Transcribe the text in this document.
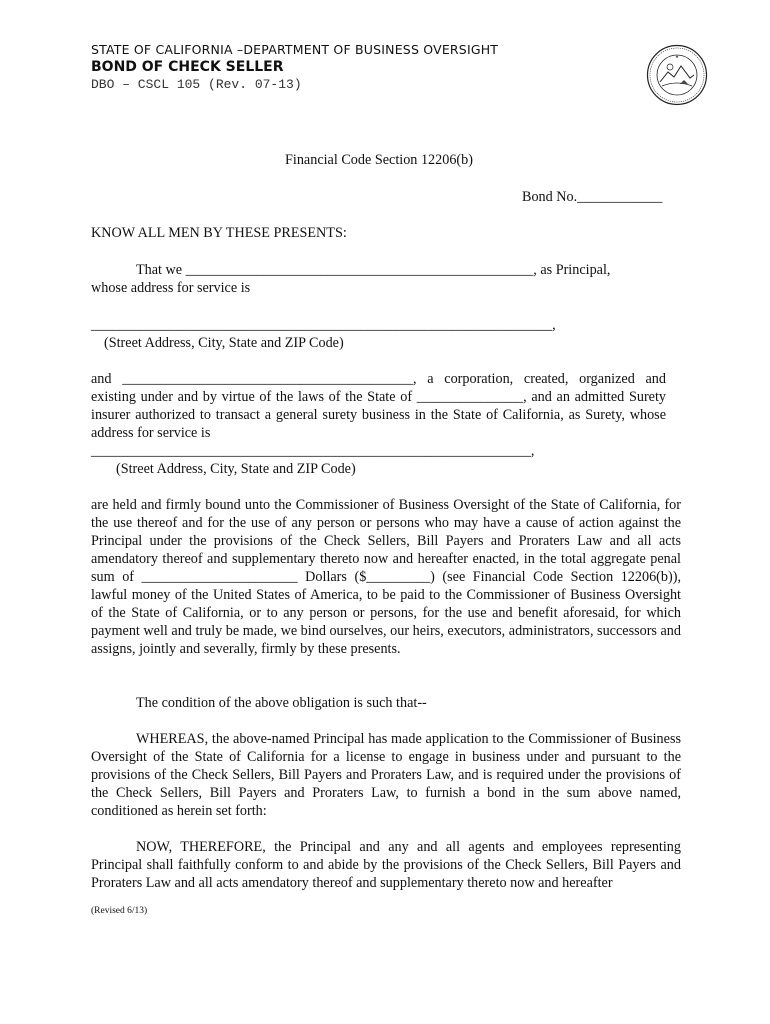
STATE OF CALIFORNIA –DEPARTMENT OF BUSINESS OVERSIGHT
BOND OF CHECK SELLER
DBO – CSCL 105 (Rev. 07-13)
★
Financial Code Section 12206(b)
Bond No.____________
KNOW ALL MEN BY THESE PRESENTS:
That we _________________________________________________, as Principal,
whose address for service is
_________________________________________________________________,
(Street Address, City, State and ZIP Code)

and _________________________________________, a corporation, created, organized and existing under and by virtue of the laws of the State of _______________, and an admitted Surety insurer authorized to transact a general surety business in the State of California, as Surety, whose address for service is

______________________________________________________________,
(Street Address, City, State and ZIP Code)

are held and firmly bound unto the Commissioner of Business Oversight of the State of California, for the use thereof and for the use of any person or persons who may have a cause of action against the Principal under the provisions of the Check Sellers, Bill Payers and Proraters Law and all acts amendatory thereof and supplementary thereto now and hereafter enacted, in the total aggregate penal sum of ______________________ Dollars ($_________) (see Financial Code Section 12206(b)), lawful money of the United States of America, to be paid to the Commissioner of Business Oversight of the State of California, or to any person or persons, for the use and benefit aforesaid, for which payment well and truly be made, we bind ourselves, our heirs, executors, administrators, successors and assigns, jointly and severally, firmly by these presents.

The condition of the above obligation is such that--

WHEREAS, the above-named Principal has made application to the Commissioner of Business Oversight of the State of California for a license to engage in business under and pursuant to the provisions of the Check Sellers, Bill Payers and Proraters Law, and is required under the provisions of the Check Sellers, Bill Payers and Proraters Law, to furnish a bond in the sum above named, conditioned as herein set forth:

NOW, THEREFORE, the Principal and any and all agents and employees representing Principal shall faithfully conform to and abide by the provisions of the Check Sellers, Bill Payers and Proraters Law and all acts amendatory thereof and supplementary thereto now and hereafter

(Revised 6/13)
